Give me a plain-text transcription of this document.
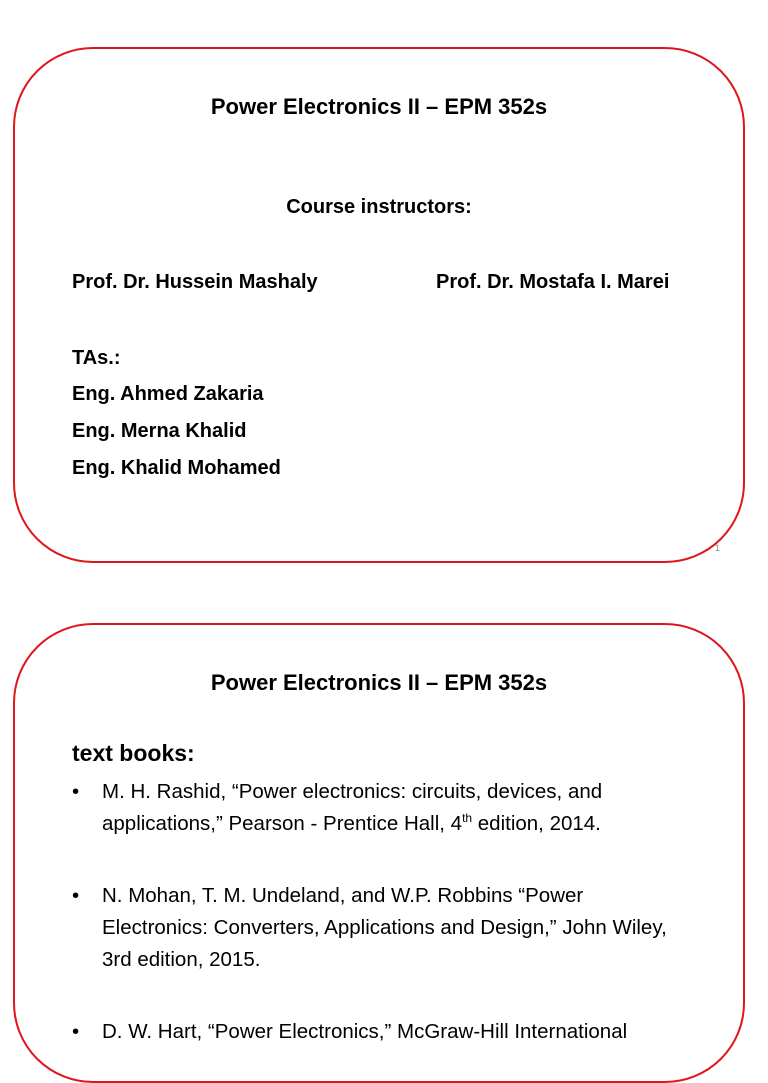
Power Electronics II – EPM 352s
Course instructors:
Prof. Dr. Hussein Mashaly	Prof. Dr. Mostafa I. Marei
TAs.:
Eng. Ahmed Zakaria
Eng. Merna Khalid
Eng. Khalid Mohamed
1
Power Electronics II – EPM 352s
text books:
•	M. H. Rashid, “Power electronics: circuits, devices, and applications,” Pearson - Prentice Hall, 4th edition, 2014.
•	N. Mohan, T. M. Undeland, and W.P. Robbins “Power Electronics: Converters, Applications and Design,” John Wiley, 3rd edition, 2015.
•	D. W. Hart, “Power Electronics,” McGraw-Hill International
